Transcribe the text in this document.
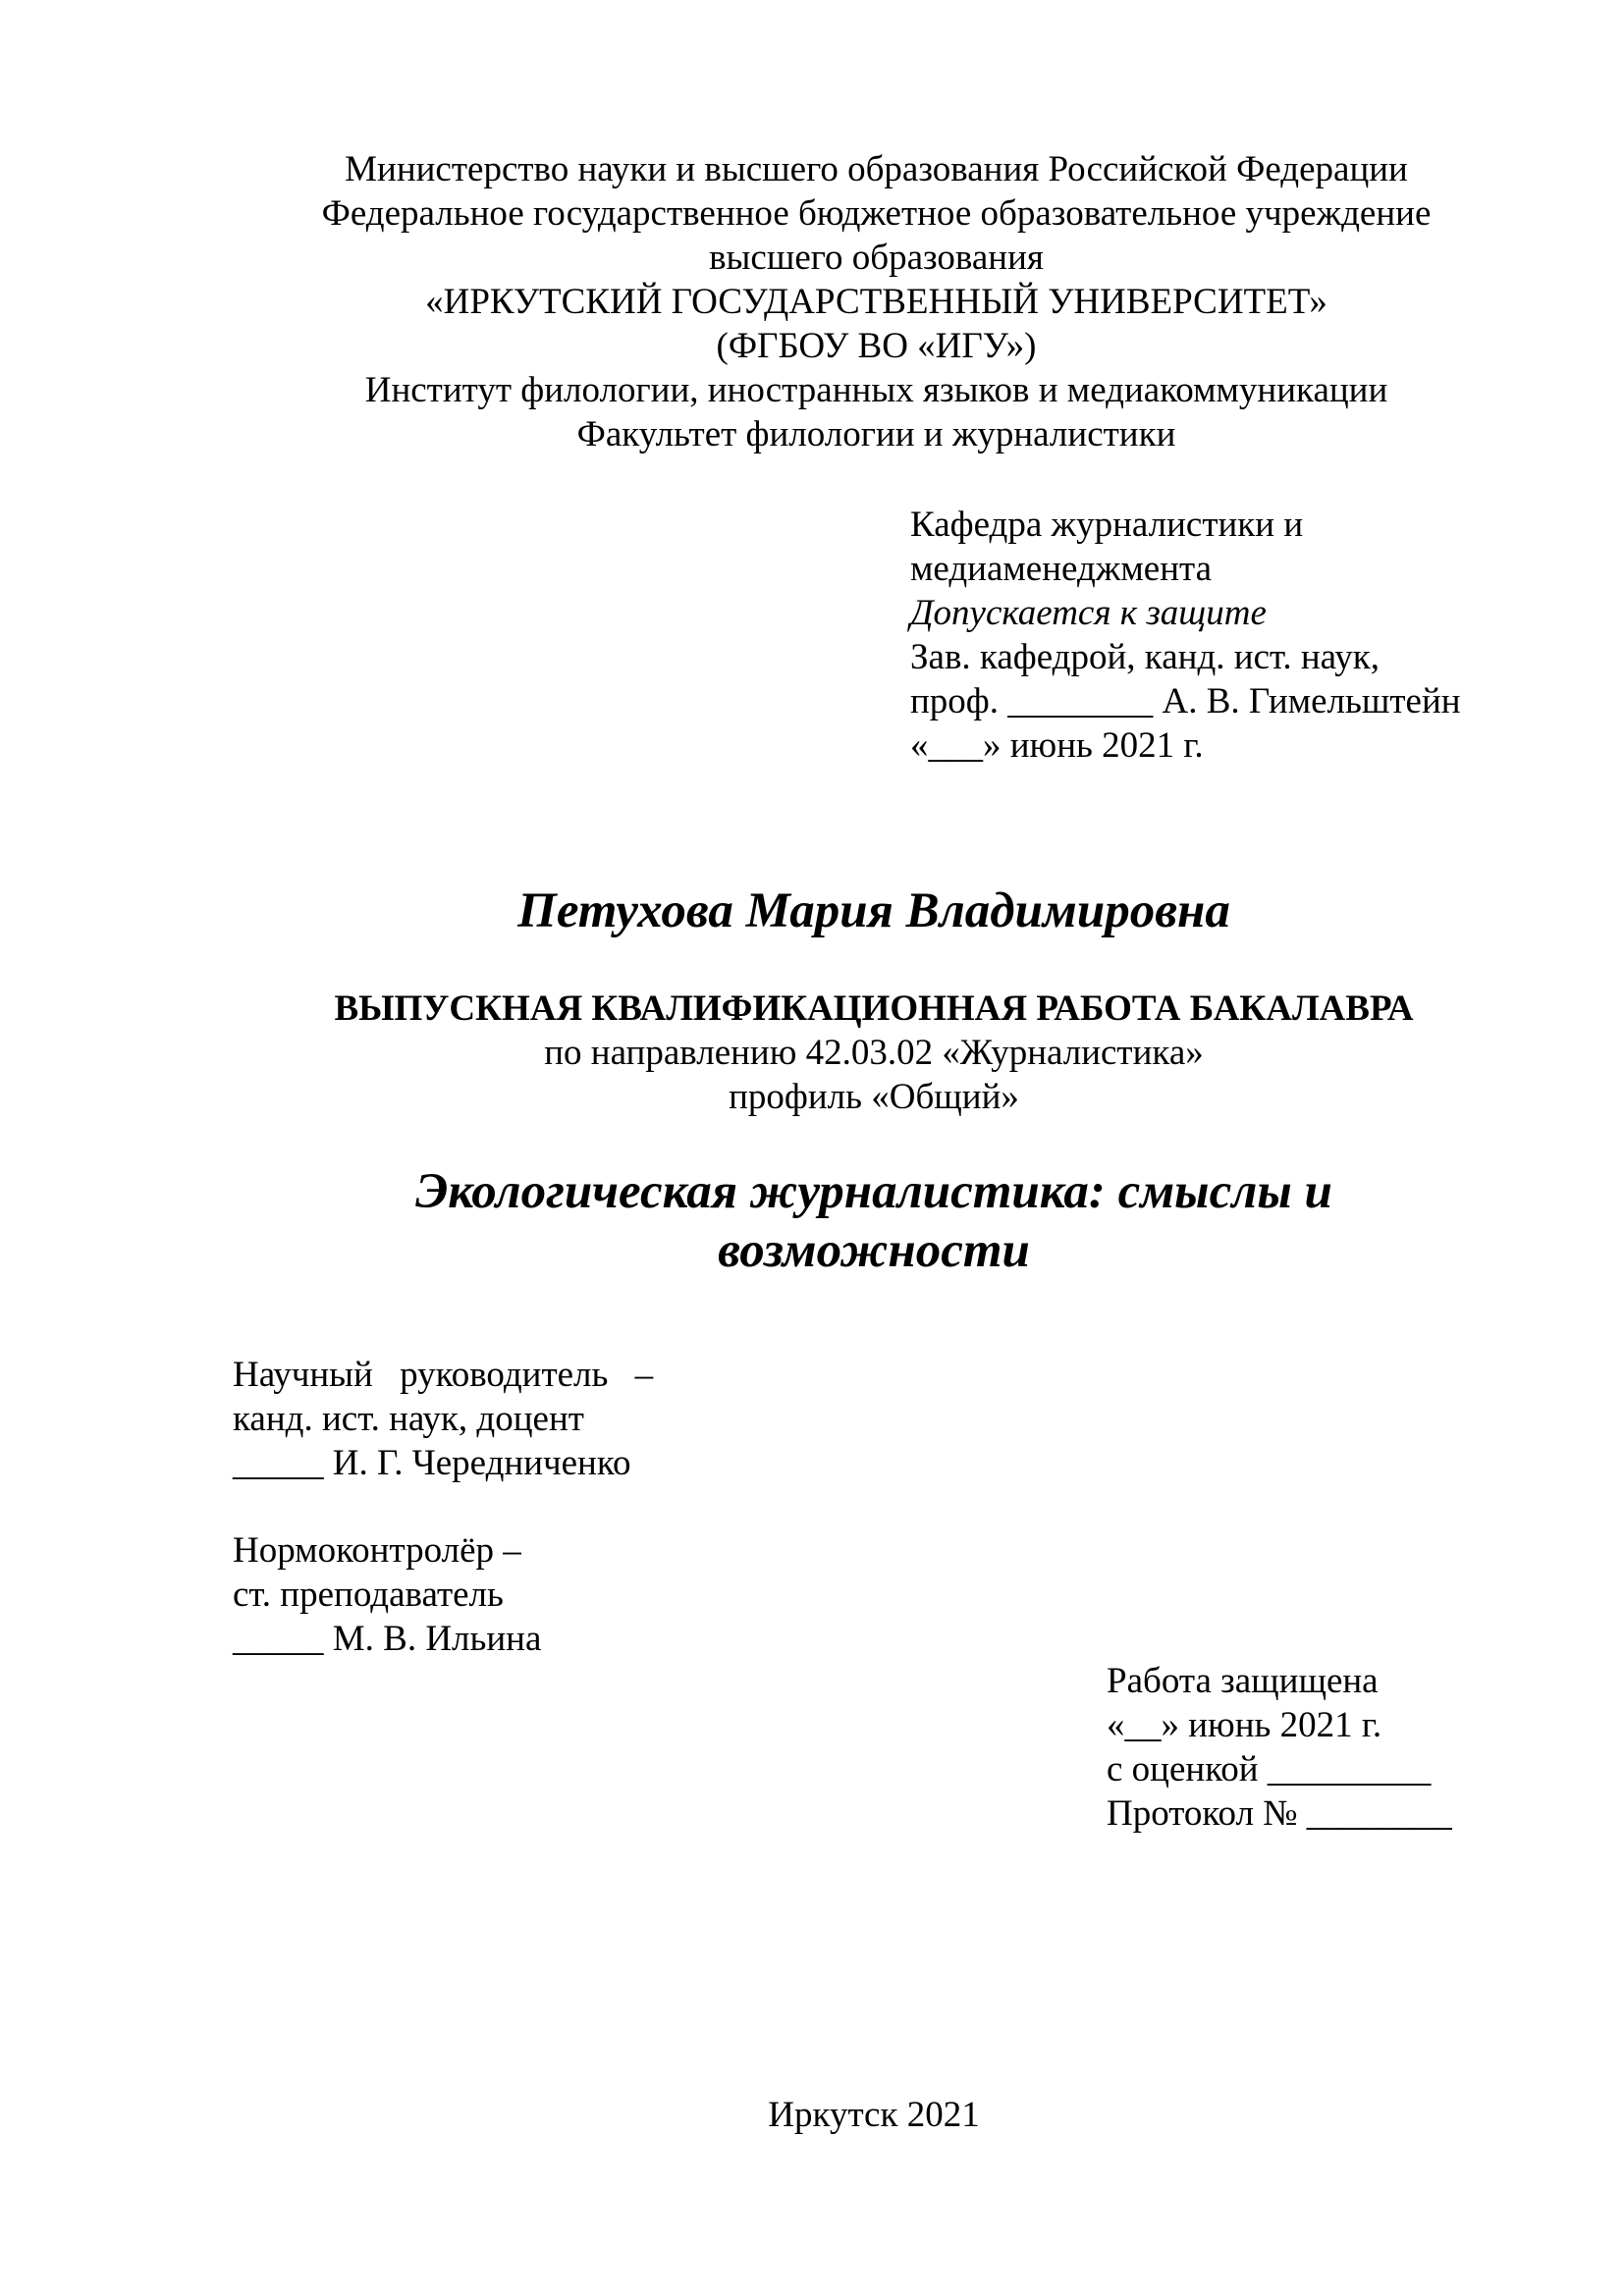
Министерство науки и высшего образования Российской Федерации
Федеральное государственное бюджетное образовательное учреждение
высшего образования
«ИРКУТСКИЙ ГОСУДАРСТВЕННЫЙ УНИВЕРСИТЕТ»
(ФГБОУ ВО «ИГУ»)
Институт филологии, иностранных языков и медиакоммуникации
Факультет филологии и журналистики
Кафедра журналистики и
медиаменеджмента
Допускается к защите
Зав. кафедрой, канд. ист. наук,
проф. ________ А. В. Гимельштейн
«___» июнь 2021 г.
Петухова Мария Владимировна
ВЫПУСКНАЯ КВАЛИФИКАЦИОННАЯ РАБОТА БАКАЛАВРА
по направлению 42.03.02 «Журналистика»
профиль «Общий»
Экологическая журналистика: смыслы и
возможности
Научный руководитель –
канд. ист. наук, доцент
_____ И. Г. Чередниченко
Нормоконтролёр –
ст. преподаватель
_____ М. В. Ильина
Работа защищена
«__» июнь 2021 г.
с оценкой _________
Протокол № ________
Иркутск 2021
